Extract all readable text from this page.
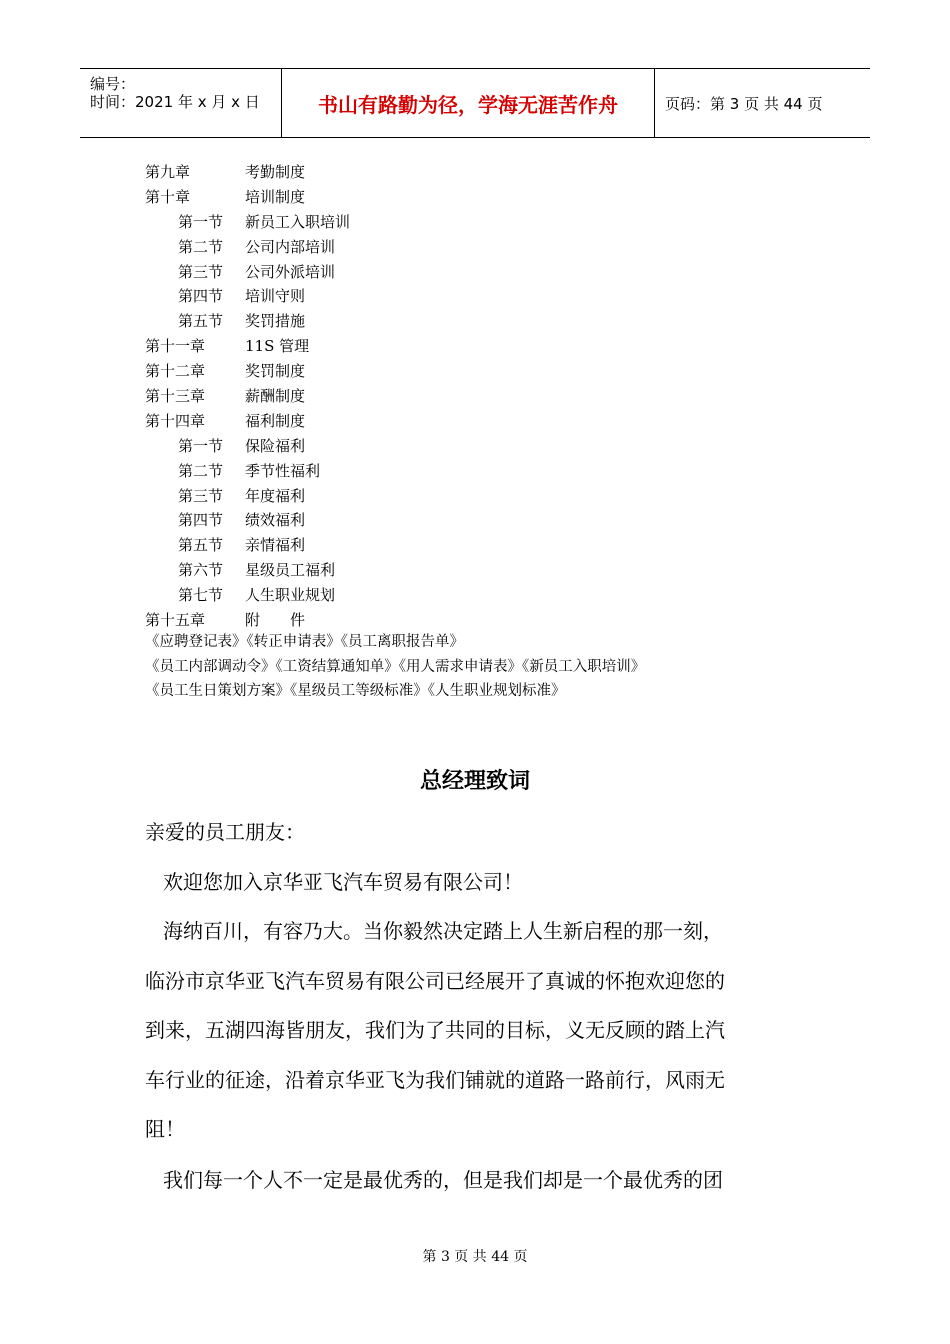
编号：
时间：2021 年 x 月 x 日	书山有路勤为径，学海无涯苦作舟	页码：第 3 页 共 44 页
第九章	考勤制度
第十章	培训制度
第一节 新员工入职培训
第二节 公司内部培训
第三节 公司外派培训
第四节 培训守则
第五节 奖罚措施
第十一章	11S 管理
第十二章	奖罚制度
第十三章	薪酬制度
第十四章	福利制度
第一节 保险福利
第二节 季节性福利
第三节 年度福利
第四节 绩效福利
第五节 亲情福利
第六节 星级员工福利
第七节 人生职业规划
第十五章	附　　件
《应聘登记表》《转正申请表》《员工离职报告单》
《员工内部调动令》《工资结算通知单》《用人需求申请表》《新员工入职培训》
《员工生日策划方案》《星级员工等级标准》《人生职业规划标准》
总经理致词
亲爱的员工朋友：
欢迎您加入京华亚飞汽车贸易有限公司！
海纳百川，有容乃大。当你毅然决定踏上人生新启程的那一刻，
临汾市京华亚飞汽车贸易有限公司已经展开了真诚的怀抱欢迎您的
到来，五湖四海皆朋友，我们为了共同的目标，义无反顾的踏上汽
车行业的征途，沿着京华亚飞为我们铺就的道路一路前行，风雨无
阻！
我们每一个人不一定是最优秀的，但是我们却是一个最优秀的团
第 3 页 共 44 页
